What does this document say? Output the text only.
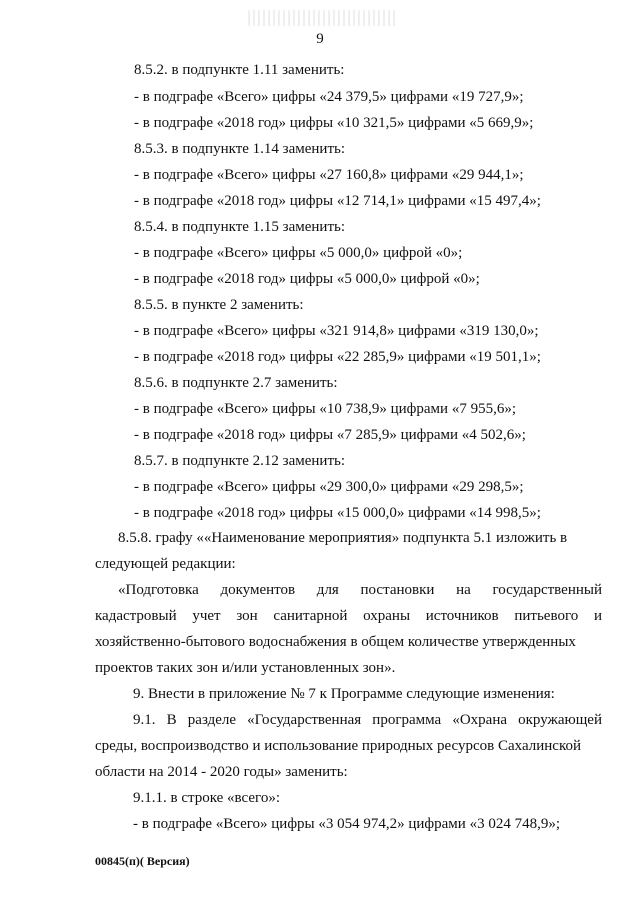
9
8.5.2. в подпункте 1.11 заменить:
- в подграфе «Всего» цифры «24 379,5» цифрами «19 727,9»;
- в подграфе «2018 год» цифры «10 321,5» цифрами «5 669,9»;
8.5.3. в подпункте 1.14 заменить:
- в подграфе «Всего» цифры «27 160,8» цифрами «29 944,1»;
- в подграфе «2018 год» цифры «12 714,1» цифрами «15 497,4»;
8.5.4. в подпункте 1.15 заменить:
- в подграфе «Всего» цифры «5 000,0» цифрой «0»;
- в подграфе «2018 год» цифры «5 000,0» цифрой «0»;
8.5.5. в пункте 2 заменить:
- в подграфе «Всего» цифры «321 914,8» цифрами «319 130,0»;
- в подграфе «2018 год» цифры «22 285,9» цифрами «19 501,1»;
8.5.6. в подпункте 2.7 заменить:
- в подграфе «Всего» цифры «10 738,9» цифрами «7 955,6»;
- в подграфе «2018 год» цифры «7 285,9» цифрами «4 502,6»;
8.5.7. в подпункте 2.12 заменить:
- в подграфе «Всего» цифры «29 300,0» цифрами «29 298,5»;
- в подграфе «2018 год» цифры «15 000,0» цифрами «14 998,5»;
8.5.8. графу ««Наименование мероприятия» подпункта 5.1 изложить в
следующей редакции:
«Подготовка документов для постановки на государственный
кадастровый учет зон санитарной охраны источников питьевого и
хозяйственно-бытового водоснабжения в общем количестве утвержденных
проектов таких зон и/или установленных зон».
9. Внести в приложение № 7 к Программе следующие изменения:
9.1. В разделе «Государственная программа «Охрана окружающей
среды, воспроизводство и использование природных ресурсов Сахалинской
области на 2014 - 2020 годы» заменить:
9.1.1. в строке «всего»:
- в подграфе «Всего» цифры «3 054 974,2» цифрами «3 024 748,9»;
00845(п)( Версия)
